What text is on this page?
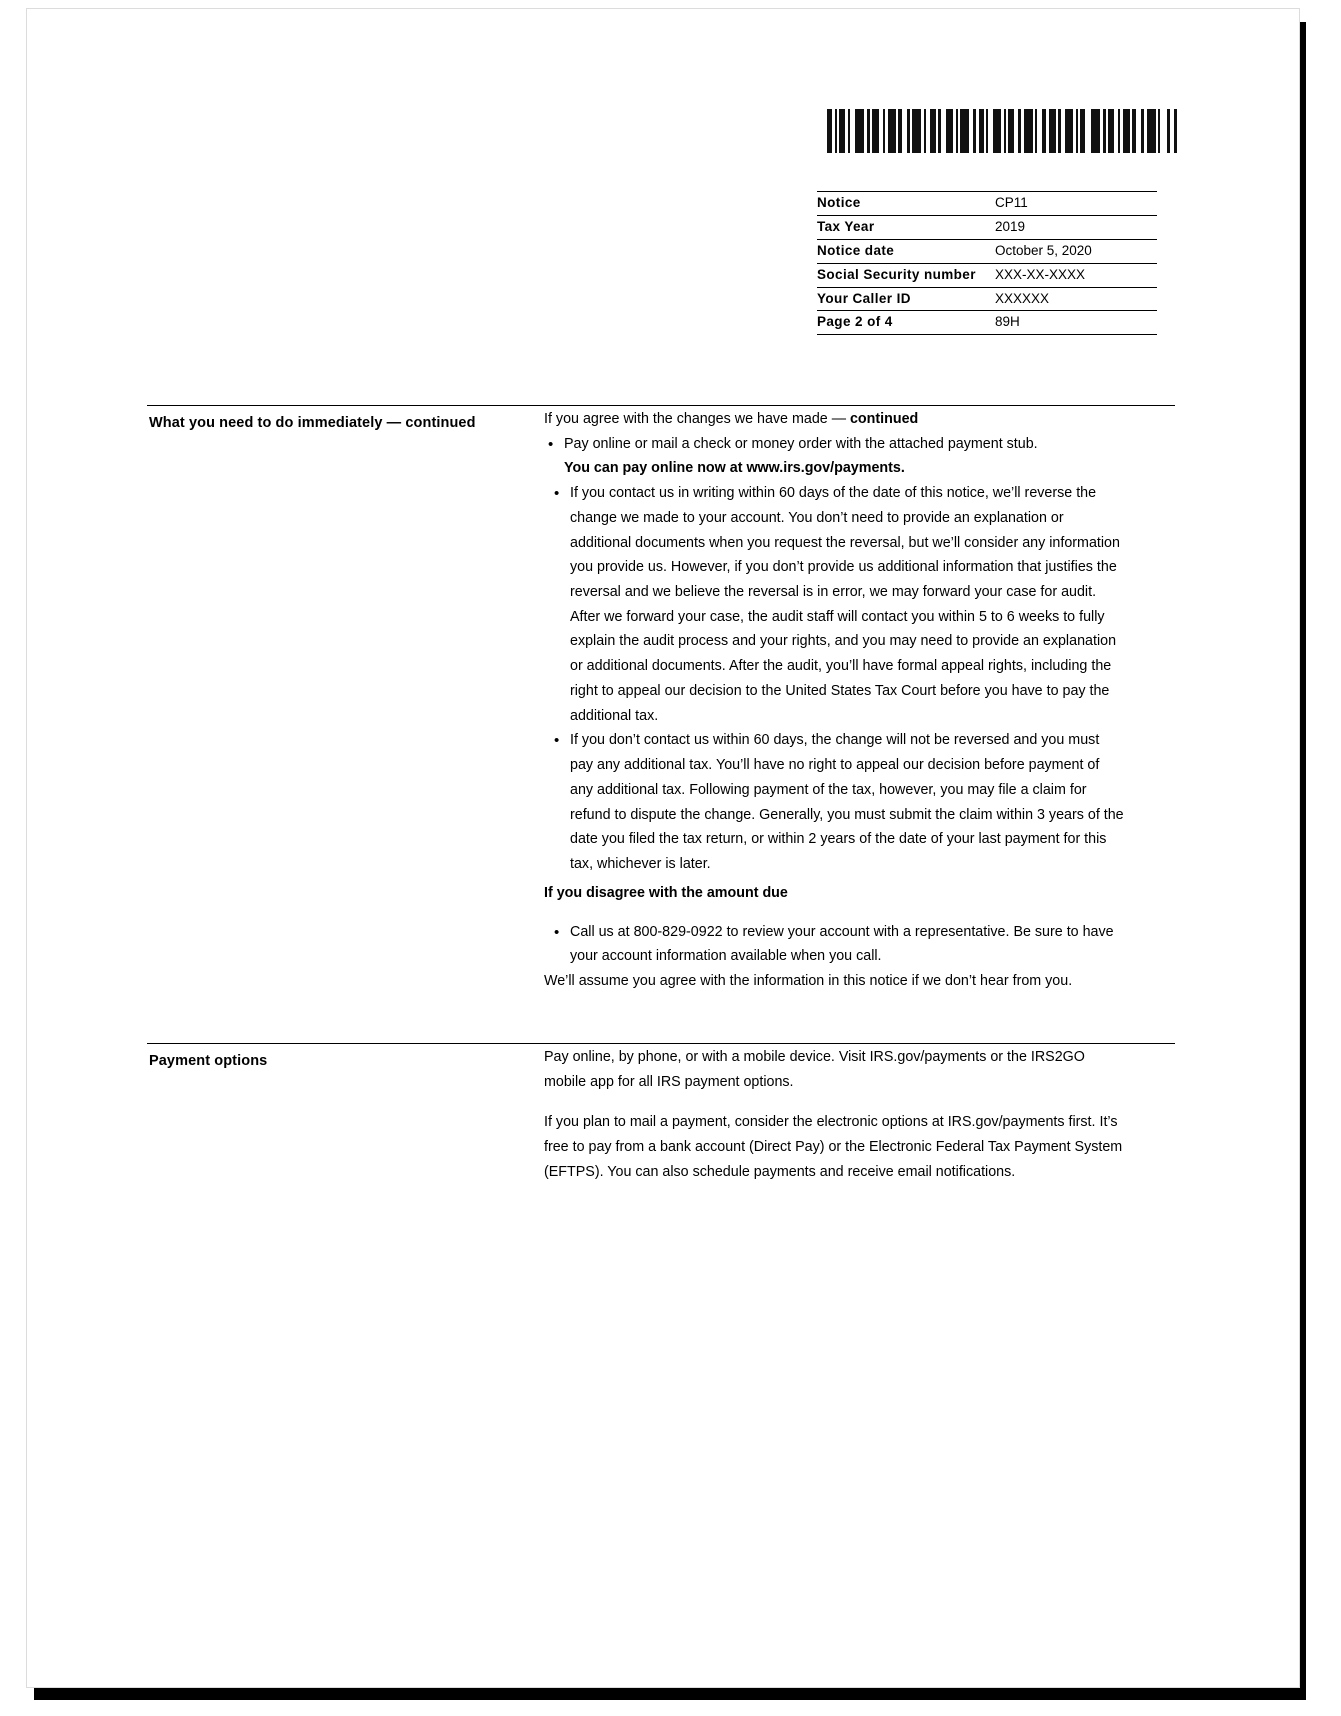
Notice	CP11
Tax Year	2019
Notice date	October 5, 2020
Social Security number	XXX-XX-XXXX
Your Caller ID	XXXXXX
Page 2 of 4	89H
What you need to do immediately — continued	If you agree with the changes we have made — continued

• Pay online or mail a check or money order with the attached payment stub.
You can pay online now at www.irs.gov/payments.
• If you contact us in writing within 60 days of the date of this notice, we’ll reverse the change we made to your account. You don’t need to provide an explanation or additional documents when you request the reversal, but we’ll consider any information you provide us. However, if you don’t provide us additional information that justifies the reversal and we believe the reversal is in error, we may forward your case for audit. After we forward your case, the audit staff will contact you within 5 to 6 weeks to fully explain the audit process and your rights, and you may need to provide an explanation or additional documents. After the audit, you’ll have formal appeal rights, including the right to appeal our decision to the United States Tax Court before you have to pay the additional tax.
• If you don’t contact us within 60 days, the change will not be reversed and you must pay any additional tax. You’ll have no right to appeal our decision before payment of any additional tax. Following payment of the tax, however, you may file a claim for refund to dispute the change. Generally, you must submit the claim within 3 years of the date you filed the tax return, or within 2 years of the date of your last payment for this tax, whichever is later.

If you disagree with the amount due

• Call us at 800-829-0922 to review your account with a representative. Be sure to have your account information available when you call.

We’ll assume you agree with the information in this notice if we don’t hear from you.

Payment options	Pay online, by phone, or with a mobile device. Visit IRS.gov/payments or the IRS2GO mobile app for all IRS payment options.

If you plan to mail a payment, consider the electronic options at IRS.gov/payments first. It’s free to pay from a bank account (Direct Pay) or the Electronic Federal Tax Payment System (EFTPS). You can also schedule payments and receive email notifications.
